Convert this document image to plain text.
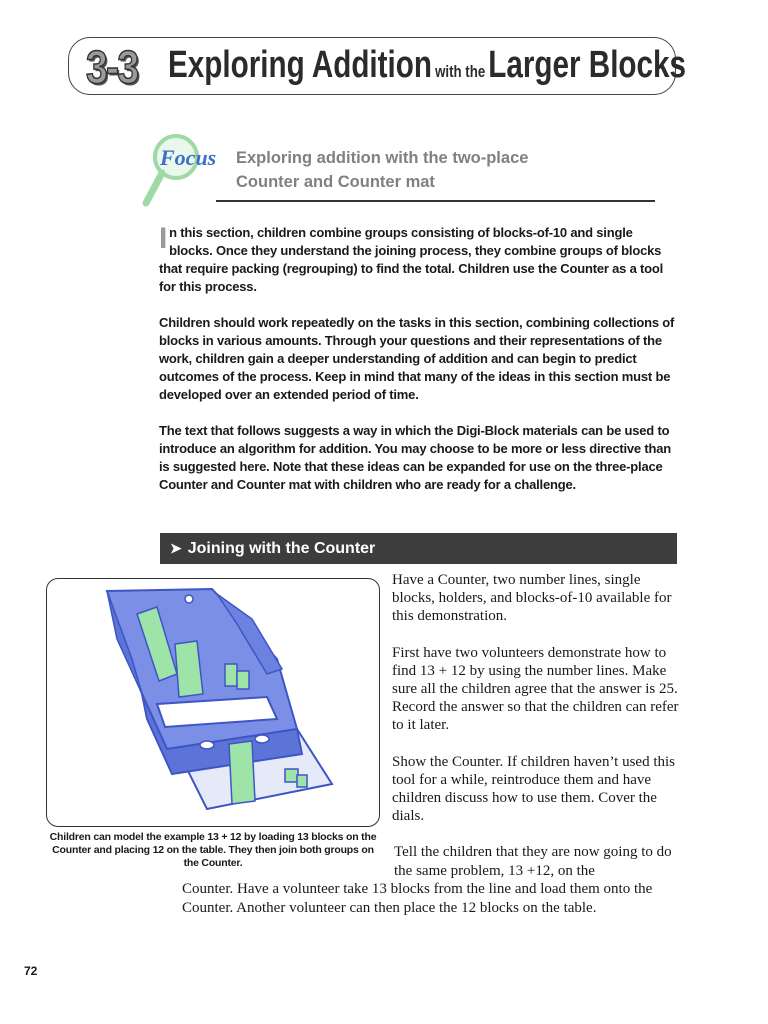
3-3 Exploring Addition with the Larger Blocks
Focus Exploring addition with the two-place
Counter and Counter mat

In this section, children combine groups consisting of blocks-of-10 and single blocks. Once they understand the joining process, they combine groups of blocks that require packing (regrouping) to find the total. Children use the Counter as a tool for this process.

Children should work repeatedly on the tasks in this section, combining collections of blocks in various amounts. Through your questions and their representations of the work, children gain a deeper understanding of addition and can begin to predict outcomes of the process. Keep in mind that many of the ideas in this section must be developed over an extended period of time.

The text that follows suggests a way in which the Digi-Block materials can be used to introduce an algorithm for addition. You may choose to be more or less directive than is suggested here. Note that these ideas can be expanded for use on the three-place Counter and Counter mat with children who are ready for a challenge.

➤ Joining with the Counter
Children can model the example 13 + 12 by loading 13 blocks on the Counter and placing 12 on the table. They then join both groups on the Counter.

Have a Counter, two number lines, single blocks, holders, and blocks-of-10 available for this demonstration.

First have two volunteers demonstrate how to find 13 + 12 by using the number lines. Make sure all the children agree that the answer is 25. Record the answer so that the children can refer to it later.

Show the Counter. If children haven’t used this tool for a while, reintroduce them and have children discuss how to use them. Cover the dials.

Tell the children that they are now going to do the same problem, 13 +12, on the

Counter. Have a volunteer take 13 blocks from the line and load them onto the Counter. Another volunteer can then place the 12 blocks on the table.
72
